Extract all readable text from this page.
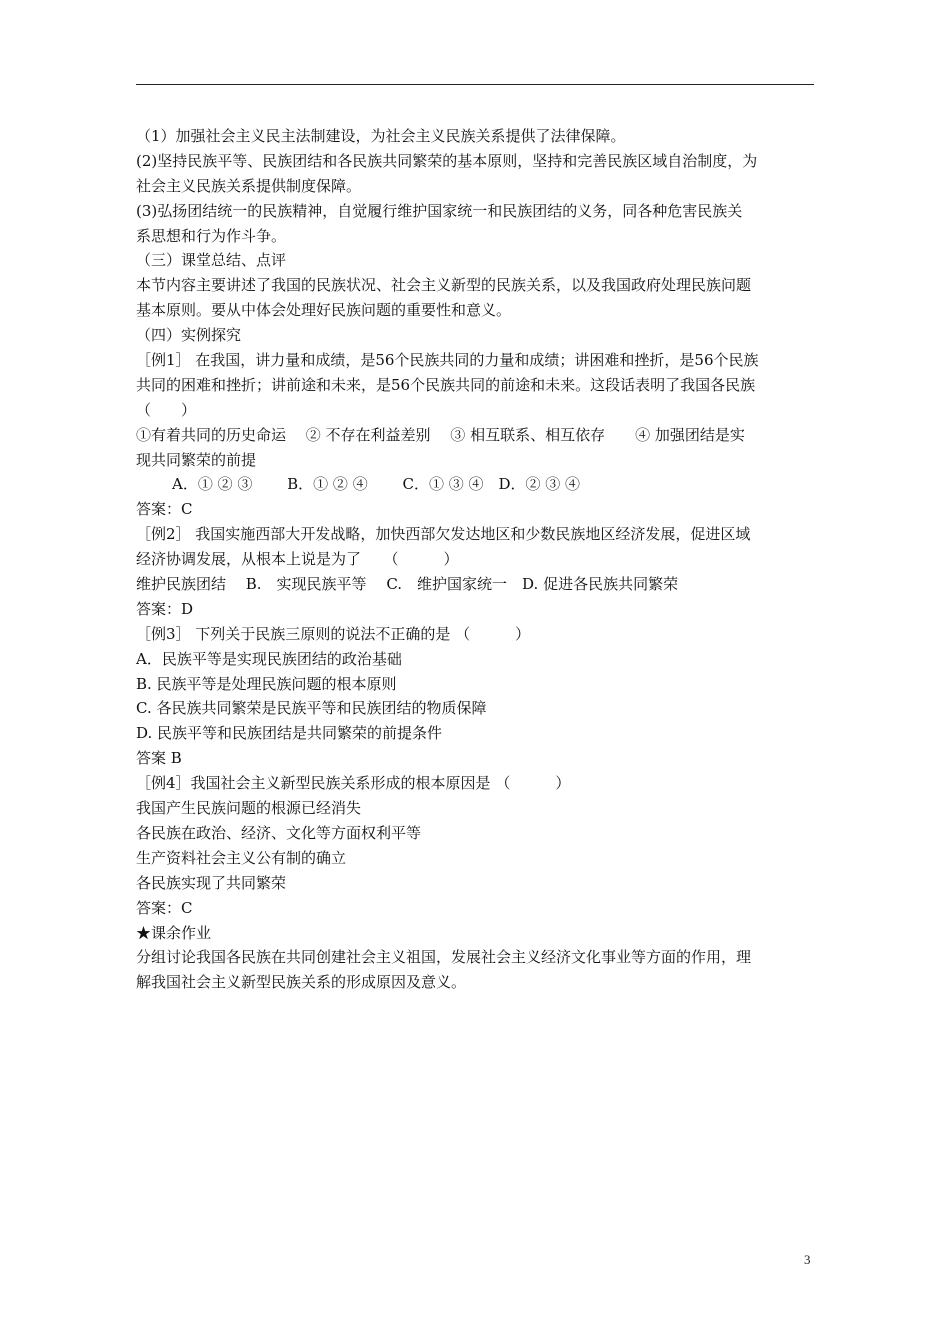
（1）加强社会主义民主法制建设，为社会主义民族关系提供了法律保障。
(2)坚持民族平等、民族团结和各民族共同繁荣的基本原则，坚持和完善民族区域自治制度，为
社会主义民族关系提供制度保障。
(3)弘扬团结统一的民族精神，自觉履行维护国家统一和民族团结的义务，同各种危害民族关
系思想和行为作斗争。
（三）课堂总结、点评
本节内容主要讲述了我国的民族状况、社会主义新型的民族关系，以及我国政府处理民族问题
基本原则。要从中体会处理好民族问题的重要性和意义。
（四）实例探究
［例1］ 在我国，讲力量和成绩，是56个民族共同的力量和成绩；讲困难和挫折，是56个民族
共同的困难和挫折；讲前途和未来，是56个民族共同的前途和未来。这段话表明了我国各民族
（　　）
①有着共同的历史命运　 ② 不存在利益差别　 ③ 相互联系、相互依存　　④ 加强团结是实
现共同繁荣的前提
A．① ② ③　　 B．① ② ④　　 C．① ③ ④　D．② ③ ④
答案：C
［例2］ 我国实施西部大开发战略，加快西部欠发达地区和少数民族地区经济发展，促进区域
经济协调发展，从根本上说是为了　　（　　　）
维护民族团结　 B.　实现民族平等　 C.　维护国家统一　D. 促进各民族共同繁荣
答案：D
［例3］ 下列关于民族三原则的说法不正确的是 （　　　）
A．民族平等是实现民族团结的政治基础
B. 民族平等是处理民族问题的根本原则
C. 各民族共同繁荣是民族平等和民族团结的物质保障
D. 民族平等和民族团结是共同繁荣的前提条件
答案 B
［例4］我国社会主义新型民族关系形成的根本原因是 （　　　）
我国产生民族问题的根源已经消失
各民族在政治、经济、文化等方面权利平等
生产资料社会主义公有制的确立
各民族实现了共同繁荣
答案：C
★课余作业
分组讨论我国各民族在共同创建社会主义祖国，发展社会主义经济文化事业等方面的作用，理
解我国社会主义新型民族关系的形成原因及意义。
3
